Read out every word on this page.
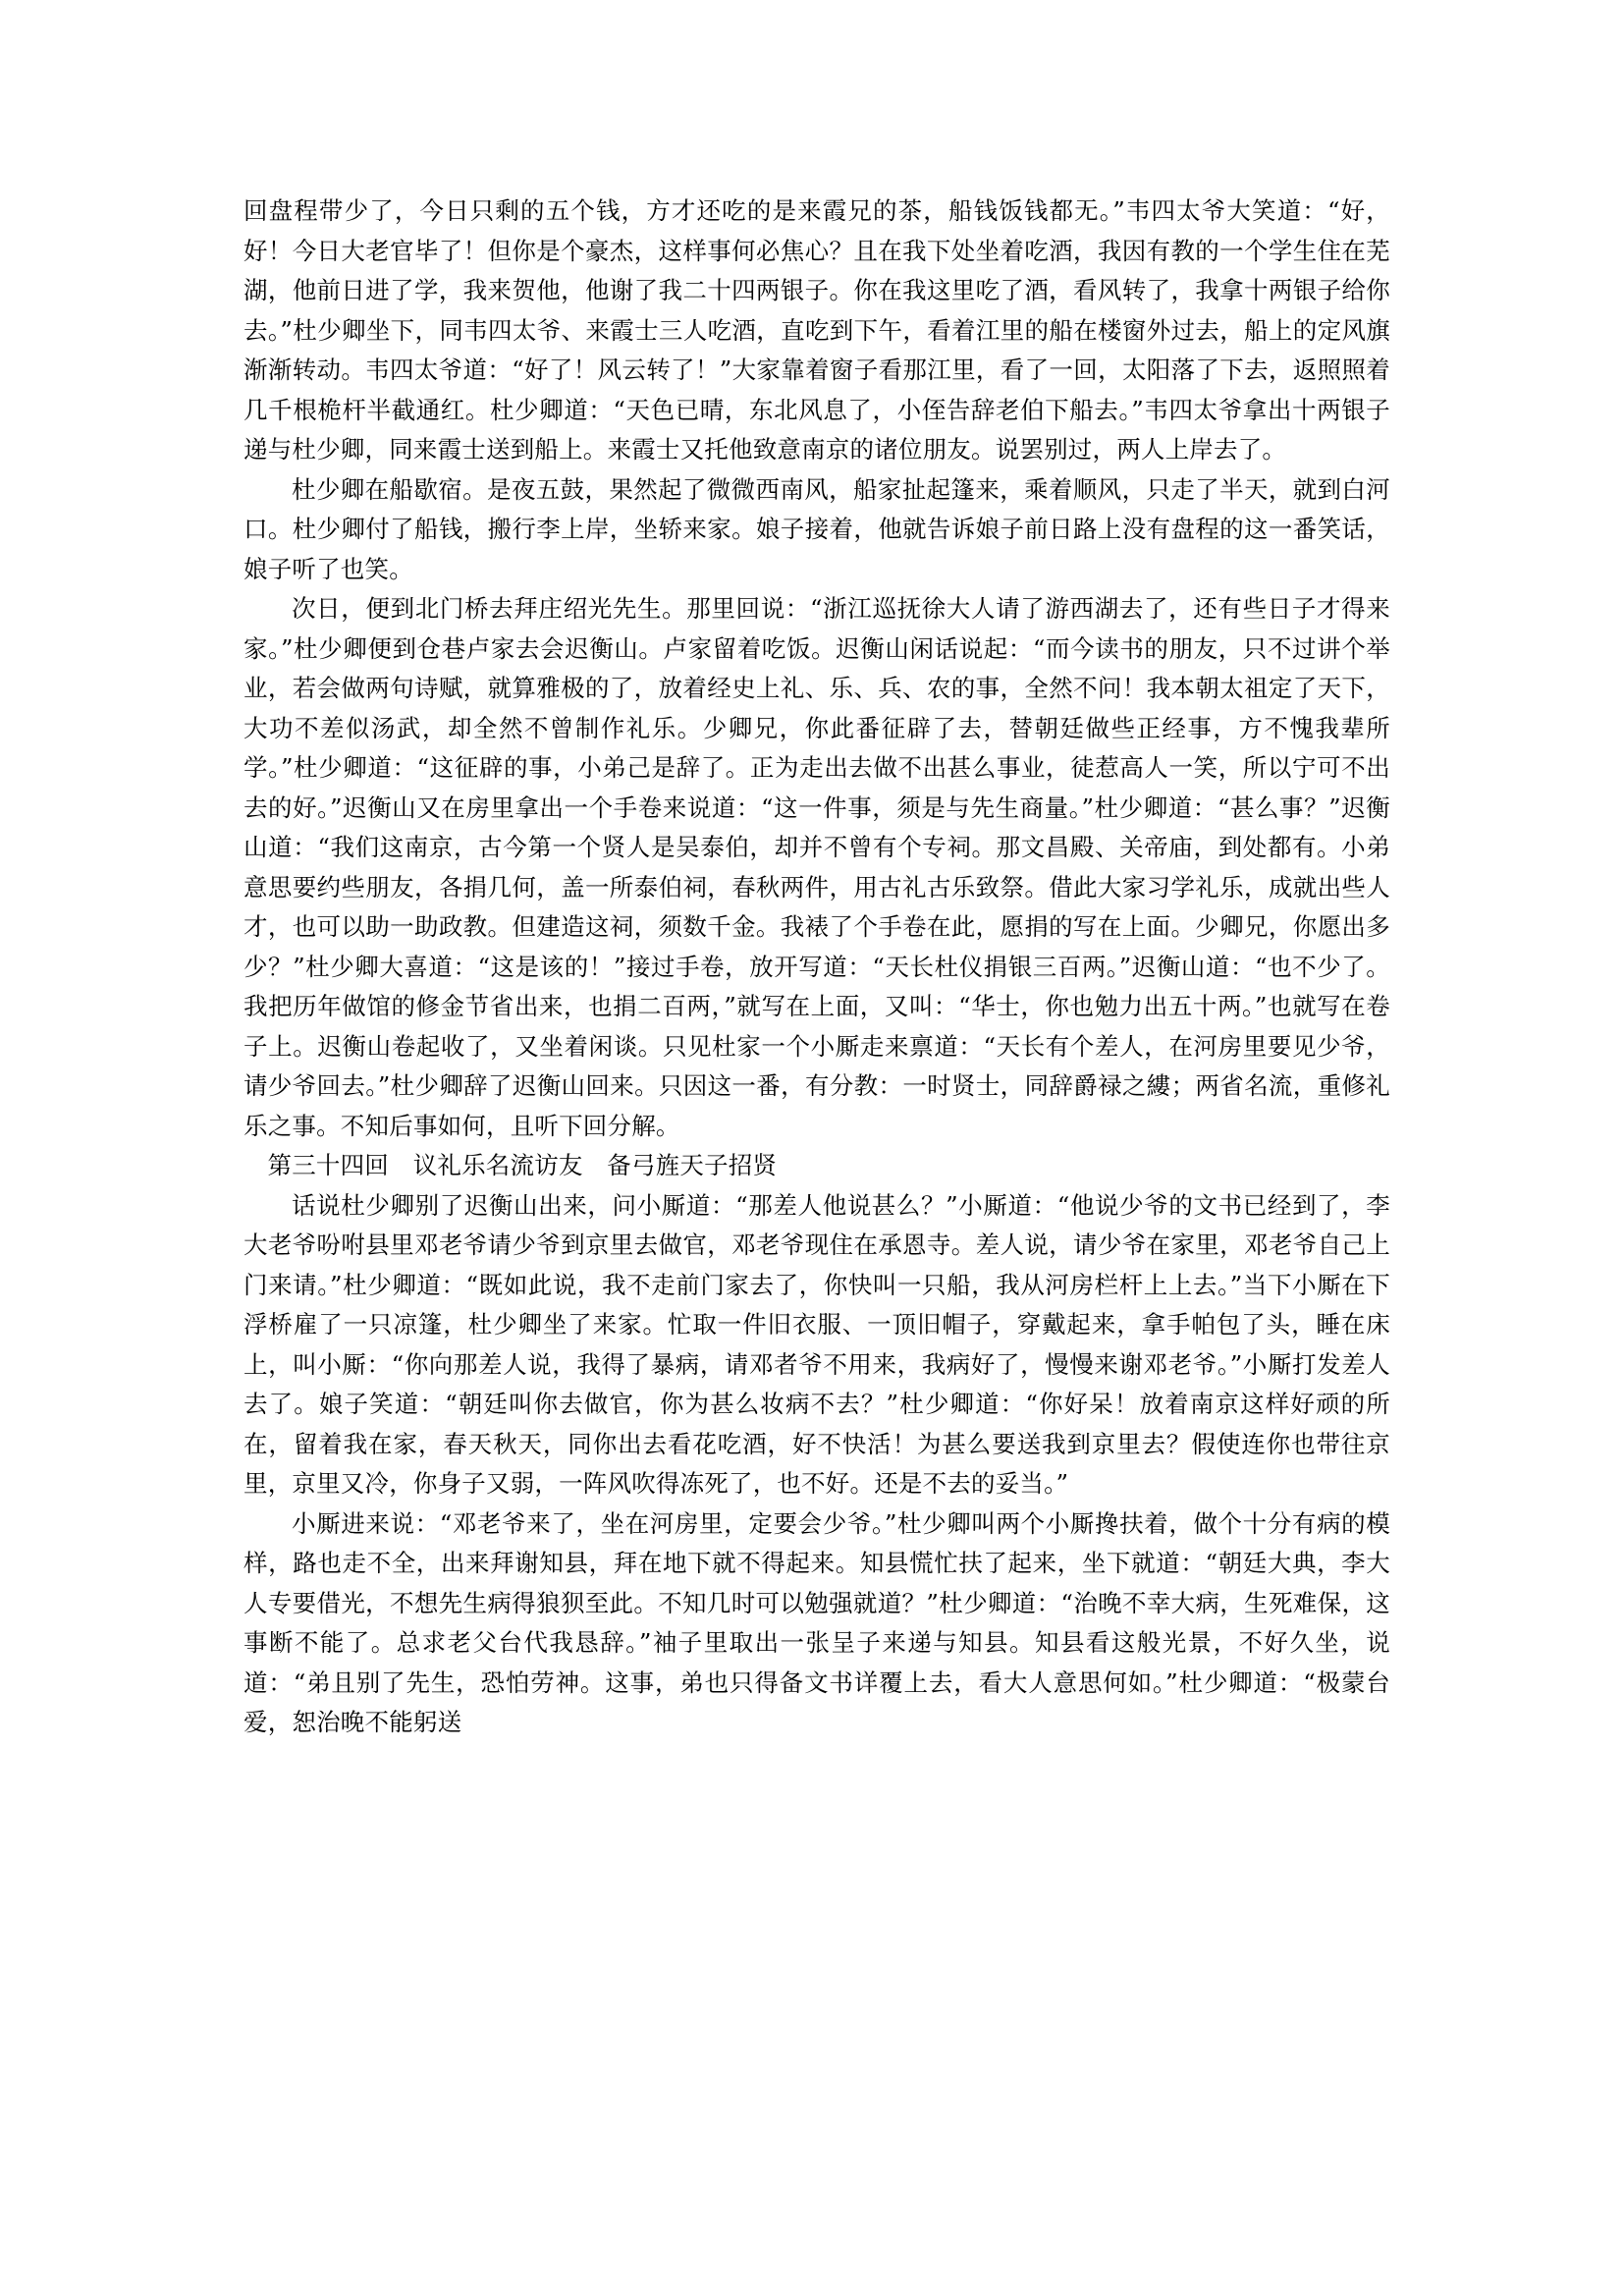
回盘程带少了，今日只剩的五个钱，方才还吃的是来霞兄的茶，船钱饭钱都无。”韦四太爷大笑道：“好，好！今日大老官毕了！但你是个豪杰，这样事何必焦心？且在我下处坐着吃酒，我因有教的一个学生住在芜湖，他前日进了学，我来贺他，他谢了我二十四两银子。你在我这里吃了酒，看风转了，我拿十两银子给你去。”杜少卿坐下，同韦四太爷、来霞士三人吃酒，直吃到下午，看着江里的船在楼窗外过去，船上的定风旗渐渐转动。韦四太爷道：“好了！风云转了！”大家靠着窗子看那江里，看了一回，太阳落了下去，返照照着几千根桅杆半截通红。杜少卿道：“天色已晴，东北风息了，小侄告辞老伯下船去。”韦四太爷拿出十两银子递与杜少卿，同来霞士送到船上。来霞士又托他致意南京的诸位朋友。说罢别过，两人上岸去了。

杜少卿在船歇宿。是夜五鼓，果然起了微微西南风，船家扯起篷来，乘着顺风，只走了半天，就到白河口。杜少卿付了船钱，搬行李上岸，坐轿来家。娘子接着，他就告诉娘子前日路上没有盘程的这一番笑话，娘子听了也笑。

次日，便到北门桥去拜庄绍光先生。那里回说：“浙江巡抚徐大人请了游西湖去了，还有些日子才得来家。”杜少卿便到仓巷卢家去会迟衡山。卢家留着吃饭。迟衡山闲话说起：“而今读书的朋友，只不过讲个举业，若会做两句诗赋，就算雅极的了，放着经史上礼、乐、兵、农的事，全然不问！我本朝太祖定了天下，大功不差似汤武，却全然不曾制作礼乐。少卿兄，你此番征辟了去，替朝廷做些正经事，方不愧我辈所学。”杜少卿道：“这征辟的事，小弟己是辞了。正为走出去做不出甚么事业，徒惹高人一笑，所以宁可不出去的好。”迟衡山又在房里拿出一个手卷来说道：“这一件事，须是与先生商量。”杜少卿道：“甚么事？”迟衡山道：“我们这南京，古今第一个贤人是吴泰伯，却并不曾有个专祠。那文昌殿、关帝庙，到处都有。小弟意思要约些朋友，各捐几何，盖一所泰伯祠，春秋两件，用古礼古乐致祭。借此大家习学礼乐，成就出些人才，也可以助一助政教。但建造这祠，须数千金。我裱了个手卷在此，愿捐的写在上面。少卿兄，你愿出多少？”杜少卿大喜道：“这是该的！”接过手卷，放开写道：“天长杜仪捐银三百两。”迟衡山道：“也不少了。我把历年做馆的修金节省出来，也捐二百两，”就写在上面，又叫：“华士，你也勉力出五十两。”也就写在卷子上。迟衡山卷起收了，又坐着闲谈。只见杜家一个小厮走来禀道：“天长有个差人，在河房里要见少爷，请少爷回去。”杜少卿辞了迟衡山回来。只因这一番，有分教：一时贤士，同辞爵禄之縷；两省名流，重修礼乐之事。不知后事如何，且听下回分解。

第三十四回　议礼乐名流访友　备弓旌天子招贤

话说杜少卿别了迟衡山出来，问小厮道：“那差人他说甚么？”小厮道：“他说少爷的文书已经到了，李大老爷吩咐县里邓老爷请少爷到京里去做官，邓老爷现住在承恩寺。差人说，请少爷在家里，邓老爷自己上门来请。”杜少卿道：“既如此说，我不走前门家去了，你快叫一只船，我从河房栏杆上上去。”当下小厮在下浮桥雇了一只凉篷，杜少卿坐了来家。忙取一件旧衣服、一顶旧帽子，穿戴起来，拿手帕包了头，睡在床上，叫小厮：“你向那差人说，我得了暴病，请邓者爷不用来，我病好了，慢慢来谢邓老爷。”小厮打发差人去了。娘子笑道：“朝廷叫你去做官，你为甚么妆病不去？”杜少卿道：“你好呆！放着南京这样好顽的所在，留着我在家，春天秋天，同你出去看花吃酒，好不快活！为甚么要送我到京里去？假使连你也带往京里，京里又冷，你身子又弱，一阵风吹得冻死了，也不好。还是不去的妥当。”

小厮进来说：“邓老爷来了，坐在河房里，定要会少爷。”杜少卿叫两个小厮搀扶着，做个十分有病的模样，路也走不全，出来拜谢知县，拜在地下就不得起来。知县慌忙扶了起来，坐下就道：“朝廷大典，李大人专要借光，不想先生病得狼狈至此。不知几时可以勉强就道？”杜少卿道：“治晚不幸大病，生死难保，这事断不能了。总求老父台代我恳辞。”袖子里取出一张呈子来递与知县。知县看这般光景，不好久坐，说道：“弟且别了先生，恐怕劳神。这事，弟也只得备文书详覆上去，看大人意思何如。”杜少卿道：“极蒙台爱，恕治晚不能躬送
